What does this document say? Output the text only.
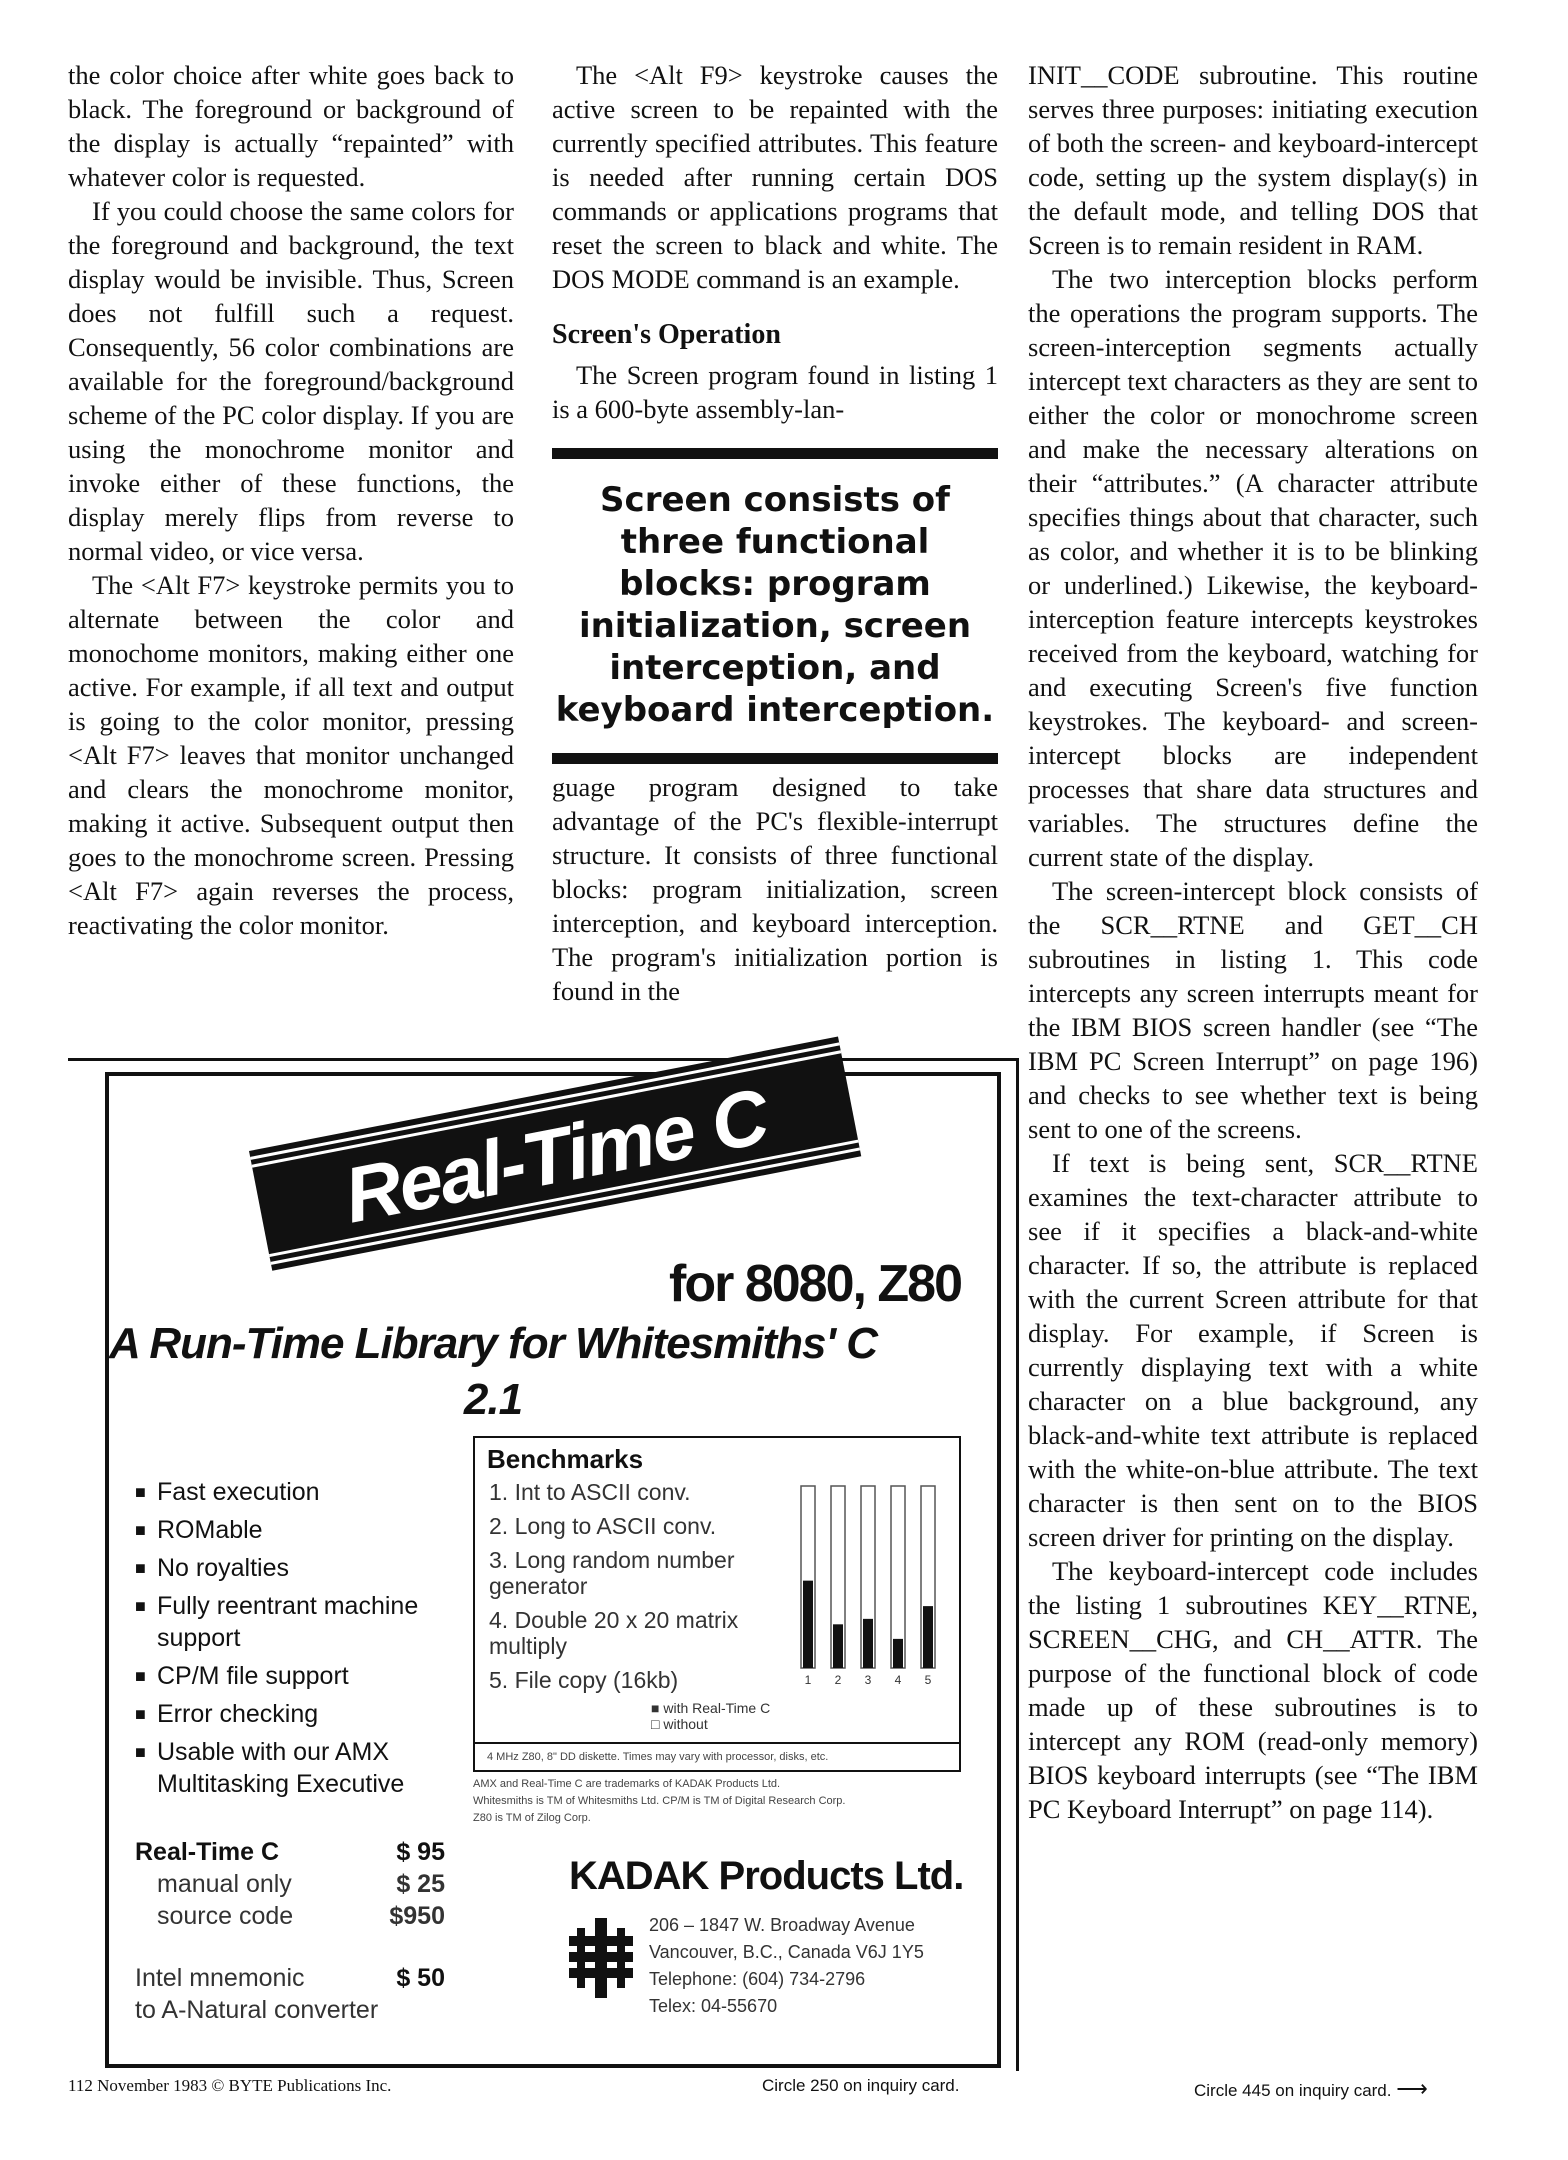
the color choice after white goes back to black. The foreground or background of the display is actually “repainted” with whatever color is requested.

If you could choose the same colors for the foreground and background, the text display would be invisible. Thus, Screen does not fulfill such a request. Consequently, 56 color combinations are available for the foreground/background scheme of the PC color display. If you are using the monochrome monitor and invoke either of these functions, the display merely flips from reverse to normal video, or vice versa.

The <Alt F7> keystroke permits you to alternate between the color and monochome monitors, making either one active. For example, if all text and output is going to the color monitor, pressing <Alt F7> leaves that monitor unchanged and clears the monochrome monitor, making it active. Subsequent output then goes to the monochrome screen. Pressing <Alt F7> again reverses the process, reactivating the color monitor.

The <Alt F9> keystroke causes the active screen to be repainted with the currently specified attributes. This feature is needed after running certain DOS commands or applications programs that reset the screen to black and white. The DOS MODE command is an example.

Screen's Operation

The Screen program found in listing 1 is a 600-byte assembly-lan-

Screen consists of three functional blocks: program initialization, screen interception, and keyboard interception.

guage program designed to take advantage of the PC's flexible-interrupt structure. It consists of three functional blocks: program initialization, screen interception, and keyboard interception. The program's initialization portion is found in the

INIT__CODE subroutine. This routine serves three purposes: initiating execution of both the screen- and keyboard-intercept code, setting up the system display(s) in the default mode, and telling DOS that Screen is to remain resident in RAM.

The two interception blocks perform the operations the program supports. The screen-interception segments actually intercept text characters as they are sent to either the color or monochrome screen and make the necessary alterations on their “attributes.” (A character attribute specifies things about that character, such as color, and whether it is to be blinking or underlined.) Likewise, the keyboard-interception feature intercepts keystrokes received from the keyboard, watching for and executing Screen's five function keystrokes. The keyboard- and screen-intercept blocks are independent processes that share data structures and variables. The structures define the current state of the display.

The screen-intercept block consists of the SCR__RTNE and GET__CH subroutines in listing 1. This code intercepts any screen interrupts meant for the IBM BIOS screen handler (see “The IBM PC Screen Interrupt” on page 196) and checks to see whether text is being sent to one of the screens.

If text is being sent, SCR__RTNE examines the text-character attribute to see if it specifies a black-and-white character. If so, the attribute is replaced with the current Screen attribute for that display. For example, if Screen is currently displaying text with a white character on a blue background, any black-and-white text attribute is replaced with the white-on-blue attribute. The text character is then sent on to the BIOS screen driver for printing on the display.

The keyboard-intercept code includes the listing 1 subroutines KEY__RTNE, SCREEN__CHG, and CH__ATTR. The purpose of the functional block of code made up of these subroutines is to intercept any ROM (read-only memory) BIOS keyboard interrupts (see “The IBM PC Keyboard Interrupt” on page 114).

Real-Time C
for 8080, Z80
A Run-Time Library for Whitesmiths' C 2.1
■ Fast execution
■ ROMable
■ No royalties
■ Fully reentrant machine support
■ CP/M file support
■ Error checking
■ Usable with our AMX Multitasking Executive
Benchmarks
1. Int to ASCII conv.
2. Long to ASCII conv.
3. Long random number generator
4. Double 20 x 20 matrix multiply
5. File copy (16kb)	1 2 3 4 5
■ with Real-Time C
□ without
4 MHz Z80, 8" DD diskette. Times may vary with processor, disks, etc.
AMX and Real-Time C are trademarks of KADAK Products Ltd.
Whitesmiths is TM of Whitesmiths Ltd. CP/M is TM of Digital Research Corp.
Z80 is TM of Zilog Corp.
Real-Time C	$ 95
manual only	$ 25
source code	$950
Intel mnemonic	$ 50
to A-Natural converter
KADAK Products Ltd.
206 – 1847 W. Broadway Avenue
Vancouver, B.C., Canada V6J 1Y5
Telephone: (604) 734-2796
Telex: 04-55670
112 November 1983 © BYTE Publications Inc.	Circle 250 on inquiry card.	Circle 445 on inquiry card. ⟶
